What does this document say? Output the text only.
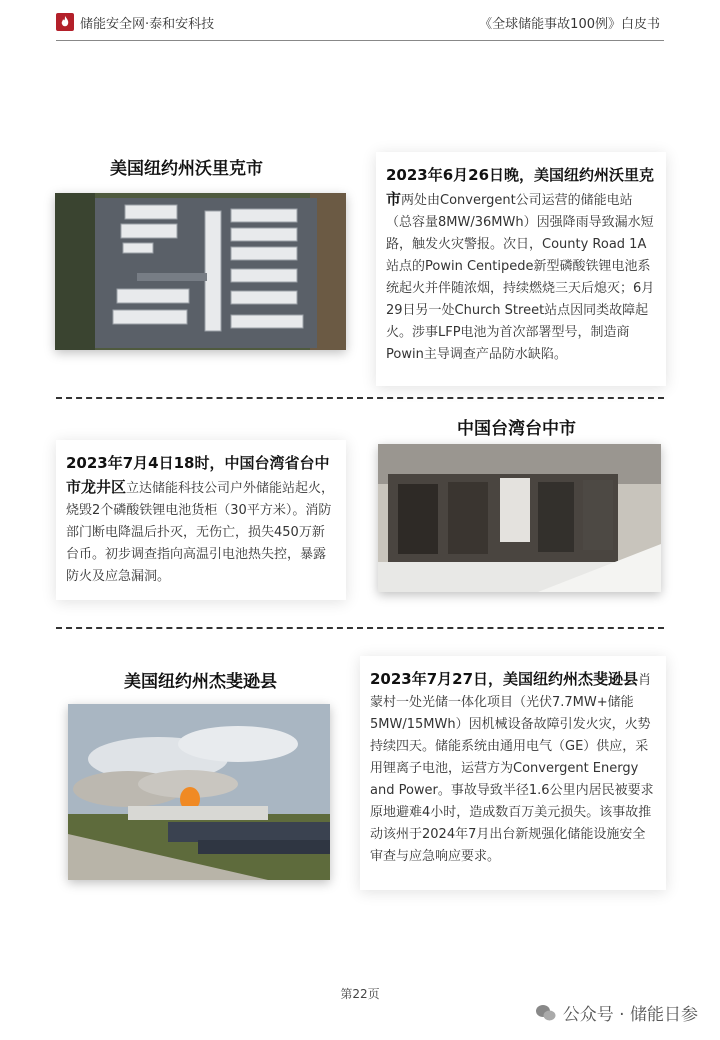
储能安全网·泰和安科技	《全球储能事故100例》白皮书
美国纽约州沃里克市	2023年6月26日晚，美国纽约州沃里克市两处由Convergent公司运营的储能电站（总容量8MW/36MWh）因强降雨导致漏水短路，触发火灾警报。次日，County Road 1A站点的Powin Centipede新型磷酸铁锂电池系统起火并伴随浓烟，持续燃烧三天后熄灭；6月29日另一处Church Street站点因同类故障起火。涉事LFP电池为首次部署型号，制造商Powin主导调查产品防水缺陷。
中国台湾台中市
2023年7月4日18时，中国台湾省台中市龙井区立达储能科技公司户外储能站起火，烧毁2个磷酸铁锂电池货柜（30平方米）。消防部门断电降温后扑灭，无伤亡，损失450万新台币。初步调查指向高温引电池热失控，暴露防火及应急漏洞。
美国纽约州杰斐逊县	2023年7月27日，美国纽约州杰斐逊县肖蒙村一处光储一体化项目（光伏7.7MW+储能5MW/15MWh）因机械设备故障引发火灾，火势持续四天。储能系统由通用电气（GE）供应，采用锂离子电池，运营方为Convergent Energy and Power。事故导致半径1.6公里内居民被要求原地避难4小时，造成数百万美元损失。该事故推动该州于2024年7月出台新规强化储能设施安全审查与应急响应要求。
第22页
公众号 · 储能日参
